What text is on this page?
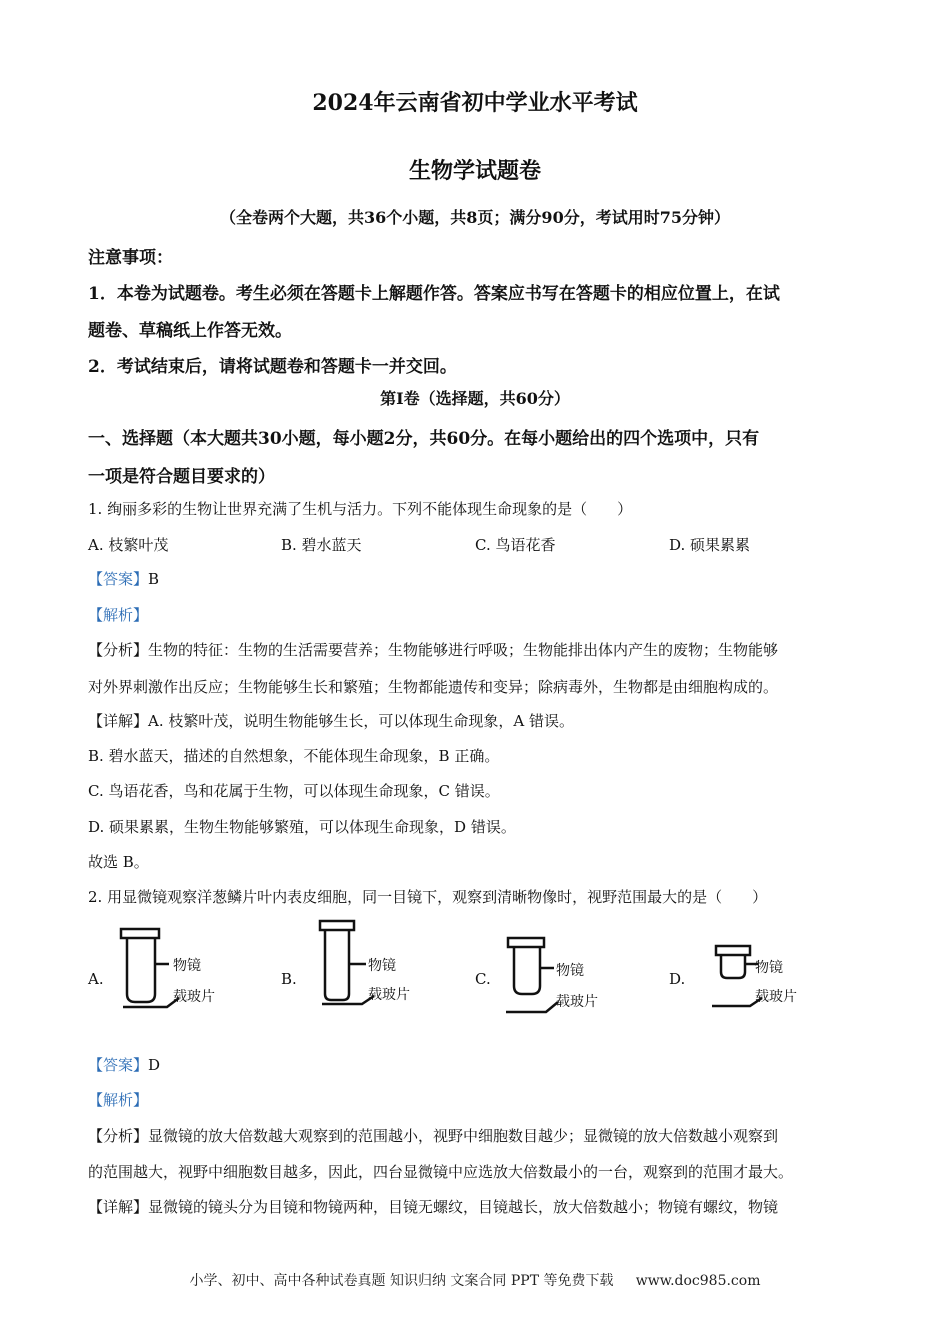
2024年云南省初中学业水平考试
生物学试题卷
（全卷两个大题，共36个小题，共8页；满分90分，考试用时75分钟）
注意事项：
1．本卷为试题卷。考生必须在答题卡上解题作答。答案应书写在答题卡的相应位置上，在试
题卷、草稿纸上作答无效。
2．考试结束后，请将试题卷和答题卡一并交回。
第Ⅰ卷（选择题，共60分）
一、选择题（本大题共30小题，每小题2分，共60分。在每小题给出的四个选项中，只有
一项是符合题目要求的）
1. 绚丽多彩的生物让世界充满了生机与活力。下列不能体现生命现象的是（　　）
A. 枝繁叶茂	B. 碧水蓝天	C. 鸟语花香	D. 硕果累累
【答案】B
【解析】
【分析】生物的特征：生物的生活需要营养；生物能够进行呼吸；生物能排出体内产生的废物；生物能够
对外界刺激作出反应；生物能够生长和繁殖；生物都能遗传和变异；除病毒外，生物都是由细胞构成的。
【详解】A. 枝繁叶茂，说明生物能够生长，可以体现生命现象，A 错误。
B. 碧水蓝天，描述的自然想象，不能体现生命现象，B 正确。
C. 鸟语花香，鸟和花属于生物，可以体现生命现象，C 错误。
D. 硕果累累，生物生物能够繁殖，可以体现生命现象，D 错误。
故选 B。
2. 用显微镜观察洋葱鳞片叶内表皮细胞，同一目镜下，观察到清晰物像时，视野范围最大的是（　　）
A.
物镜
载玻片
B.
物镜
载玻片
C.	物镜
载玻片
D.
物镜
载玻片
【答案】D
【解析】
【分析】显微镜的放大倍数越大观察到的范围越小，视野中细胞数目越少；显微镜的放大倍数越小观察到
的范围越大，视野中细胞数目越多，因此，四台显微镜中应选放大倍数最小的一台，观察到的范围才最大。
【详解】显微镜的镜头分为目镜和物镜两种，目镜无螺纹，目镜越长，放大倍数越小；物镜有螺纹，物镜
小学、初中、高中各种试卷真题 知识归纳 文案合同 PPT 等免费下载 www.doc985.com
